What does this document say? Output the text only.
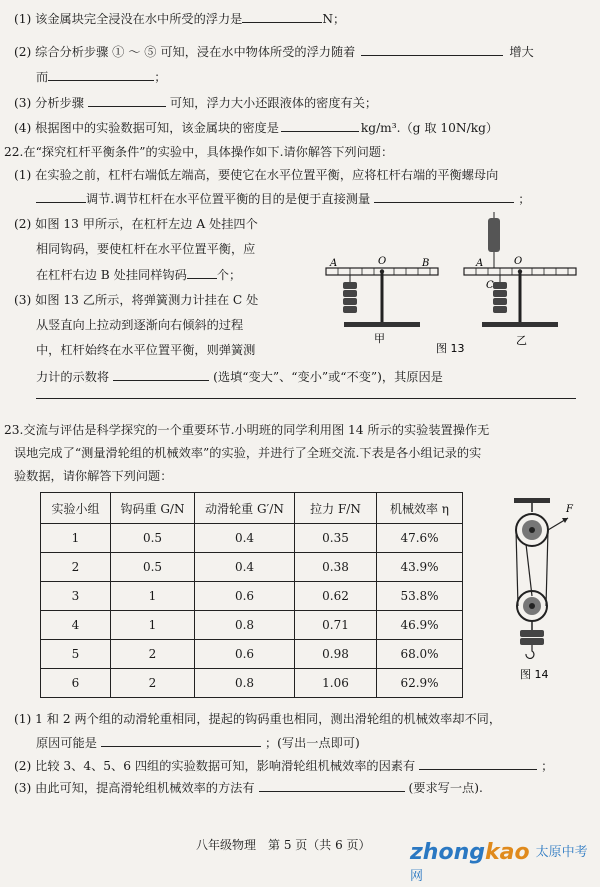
(1) 该金属块完全浸没在水中所受的浮力是	N；
(2) 综合分析步骤 ① ～ ⑤ 可知，浸在水中物体所受的浮力随着	增大
而	；
(3) 分析步骤	可知，浮力大小还跟液体的密度有关；
(4) 根据图中的实验数据可知，该金属块的密度是	kg/m³.（g 取 10N/kg）
22.在“探究杠杆平衡条件”的实验中，具体操作如下.请你解答下列问题：
(1) 在实验之前，杠杆右端低左端高，要使它在水平位置平衡，应将杠杆右端的平衡螺母向
调节.调节杠杆在水平位置平衡的目的是便于直接测量	；
(2) 如图 13 甲所示，在杠杆左边 A 处挂四个
相同钩码，要使杠杆在水平位置平衡，应
在杠杆右边 B 处挂同样钩码 个；
(3) 如图 13 乙所示，将弹簧测力计挂在 C 处
从竖直向上拉动到逐渐向右倾斜的过程
中，杠杆始终在水平位置平衡，则弹簧测
力计的示数将	(选填“变大”、“变小”或“不变”)，其原因是
A	O	B
甲
A	O
C
乙
图 13
23.交流与评估是科学探究的一个重要环节.小明班的同学利用图 14 所示的实验装置操作无
误地完成了“测量滑轮组的机械效率”的实验，并进行了全班交流.下表是各小组记录的实
验数据，请你解答下列问题：
实验小组	钩码重 G/N	动滑轮重 G′/N	拉力 F/N	机械效率 η
1	0.5	0.4	0.35	47.6%
2	0.5	0.4	0.38	43.9%
3	1	0.6	0.62	53.8%
4	1	0.8	0.71	46.9%
5	2	0.6	0.98	68.0%
6	2	0.8	1.06	62.9%
F
图 14
(1) 1 和 2 两个组的动滑轮重相同，提起的钩码重也相同，测出滑轮组的机械效率却不同，
原因可能是	；(写出一点即可)
(2) 比较 3、4、5、6 四组的实验数据可知，影响滑轮组机械效率的因素有	；
(3) 由此可知，提高滑轮组机械效率的方法有	(要求写一点).
八年级物理　第 5 页（共 6 页） zhongkao 太原中考网
